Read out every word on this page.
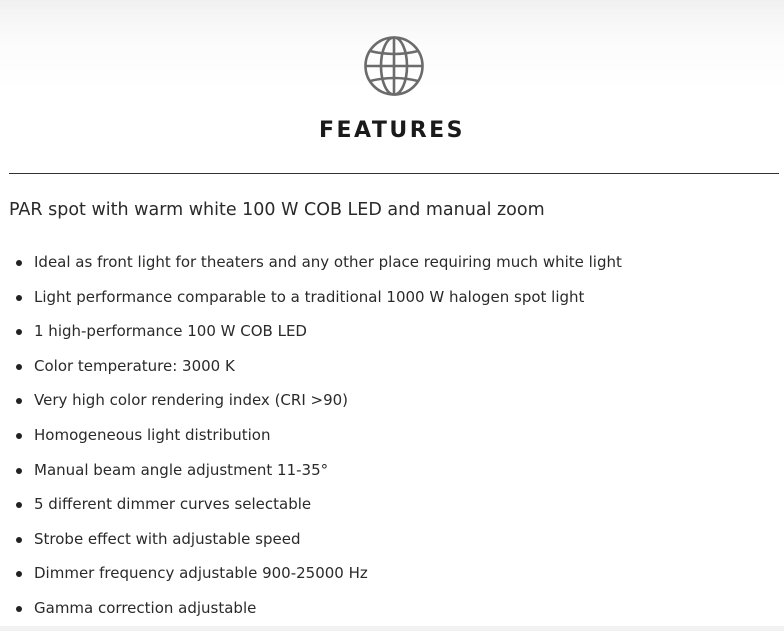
FEATURES
PAR spot with warm white 100 W COB LED and manual zoom
Ideal as front light for theaters and any other place requiring much white light
Light performance comparable to a traditional 1000 W halogen spot light
1 high-performance 100 W COB LED
Color temperature: 3000 K
Very high color rendering index (CRI >90)
Homogeneous light distribution
Manual beam angle adjustment 11-35°
5 different dimmer curves selectable
Strobe effect with adjustable speed
Dimmer frequency adjustable 900-25000 Hz
Gamma correction adjustable
